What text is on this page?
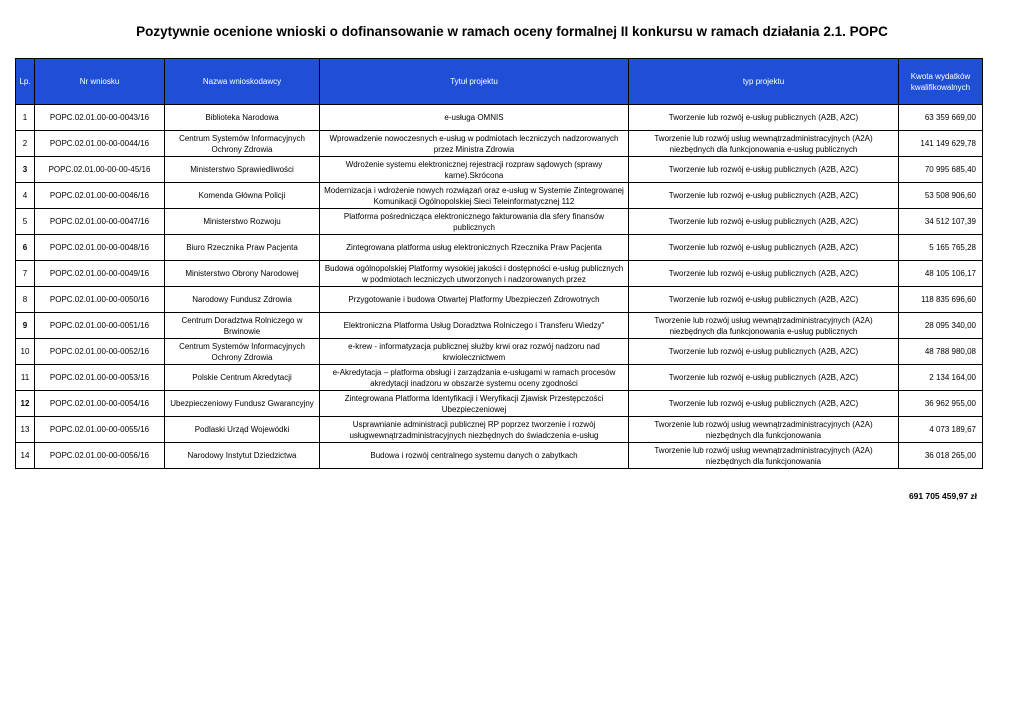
Pozytywnie ocenione wnioski o dofinansowanie w ramach oceny formalnej II konkursu w ramach działania 2.1. POPC
Lp.	Nr wniosku	Nazwa wnioskodawcy	Tytuł projektu	typ projektu	Kwota wydatków kwalifikowalnych
1	POPC.02.01.00-00-0043/16	Biblioteka Narodowa	e-usługa OMNIS	Tworzenie lub rozwój e-usług publicznych (A2B, A2C)	63 359 669,00
2	POPC.02.01.00-00-0044/16	Centrum Systemów Informacyjnych Ochrony Zdrowia	Wprowadzenie nowoczesnych e-usług w podmiotach leczniczych nadzorowanych przez Ministra Zdrowia	Tworzenie lub rozwój usług wewnątrzadministracyjnych (A2A) niezbędnych dla funkcjonowania e-usług publicznych	141 149 629,78
3	POPC.02.01.00-00-00-45/16	Ministerstwo Sprawiedliwości	Wdrożenie systemu elektronicznej rejestracji rozpraw sądowych (sprawy karne).Skrócona	Tworzenie lub rozwój e-usług publicznych (A2B, A2C)	70 995 685,40
4	POPC.02.01.00-00-0046/16	Komenda Główna Policji	Modernizacja i wdrożenie nowych rozwiązań oraz e-usług w Systemie Zintegrowanej Komunikacji Ogólnopolskiej Sieci Teleinformatycznej 112	Tworzenie lub rozwój e-usług publicznych (A2B, A2C)	53 508 906,60
5	POPC.02.01.00-00-0047/16	Ministerstwo Rozwoju	Platforma pośrednicząca elektronicznego fakturowania dla sfery finansów publicznych	Tworzenie lub rozwój e-usług publicznych (A2B, A2C)	34 512 107,39
6	POPC.02.01.00-00-0048/16	Biuro Rzecznika Praw Pacjenta	Zintegrowana platforma usług elektronicznych Rzecznika Praw Pacjenta	Tworzenie lub rozwój e-usług publicznych (A2B, A2C)	5 165 765,28
7	POPC.02.01.00-00-0049/16	Ministerstwo Obrony Narodowej	Budowa ogólnopolskiej Platformy wysokiej jakości i dostępności e-usług publicznych w podmiotach leczniczych utworzonych i nadzorowanych przez	Tworzenie lub rozwój e-usług publicznych (A2B, A2C)	48 105 106,17
8	POPC.02.01.00-00-0050/16	Narodowy Fundusz Zdrowia	Przygotowanie i budowa Otwartej Platformy Ubezpieczeń Zdrowotnych	Tworzenie lub rozwój e-usług publicznych (A2B, A2C)	118 835 696,60
9	POPC.02.01.00-00-0051/16	Centrum Doradztwa Rolniczego w Brwinowie	Elektroniczna Platforma Usług Doradztwa Rolniczego i Transferu Wiedzy"	Tworzenie lub rozwój usług wewnątrzadministracyjnych (A2A) niezbędnych dla funkcjonowania e-usług publicznych	28 095 340,00
10	POPC.02.01.00-00-0052/16	Centrum Systemów Informacyjnych Ochrony Zdrowia	e-krew - informatyzacja publicznej służby krwi oraz rozwój nadzoru nad krwiolecznictwem	Tworzenie lub rozwój e-usług publicznych (A2B, A2C)	48 788 980,08
11	POPC.02.01.00-00-0053/16	Polskie Centrum Akredytacji	e-Akredytacja – platforma obsługi i zarządzania e-usługami w ramach procesów akredytacji inadzoru w obszarze systemu oceny zgodności	Tworzenie lub rozwój e-usług publicznych (A2B, A2C)	2 134 164,00
12	POPC.02.01.00-00-0054/16	Ubezpieczeniowy Fundusz Gwarancyjny	Zintegrowana Platforma Identyfikacji i Weryfikacji Zjawisk Przestępczości Ubezpieczeniowej	Tworzenie lub rozwój e-usług publicznych (A2B, A2C)	36 962 955,00
13	POPC.02.01.00-00-0055/16	Podlaski Urząd Wojewódki	Usprawnianie administracji publicznej RP poprzez tworzenie i rozwój usługwewnątrzadministracyjnych niezbędnych do świadczenia e-usług	Tworzenie lub rozwój usług wewnątrzadministracyjnych (A2A) niezbędnych dla funkcjonowania	4 073 189,67
14	POPC.02.01.00-00-0056/16	Narodowy Instytut Dziedzictwa	Budowa i rozwój centralnego systemu danych o zabytkach	Tworzenie lub rozwój usług wewnątrzadministracyjnych (A2A) niezbędnych dla funkcjonowania	36 018 265,00
691 705 459,97 zł
